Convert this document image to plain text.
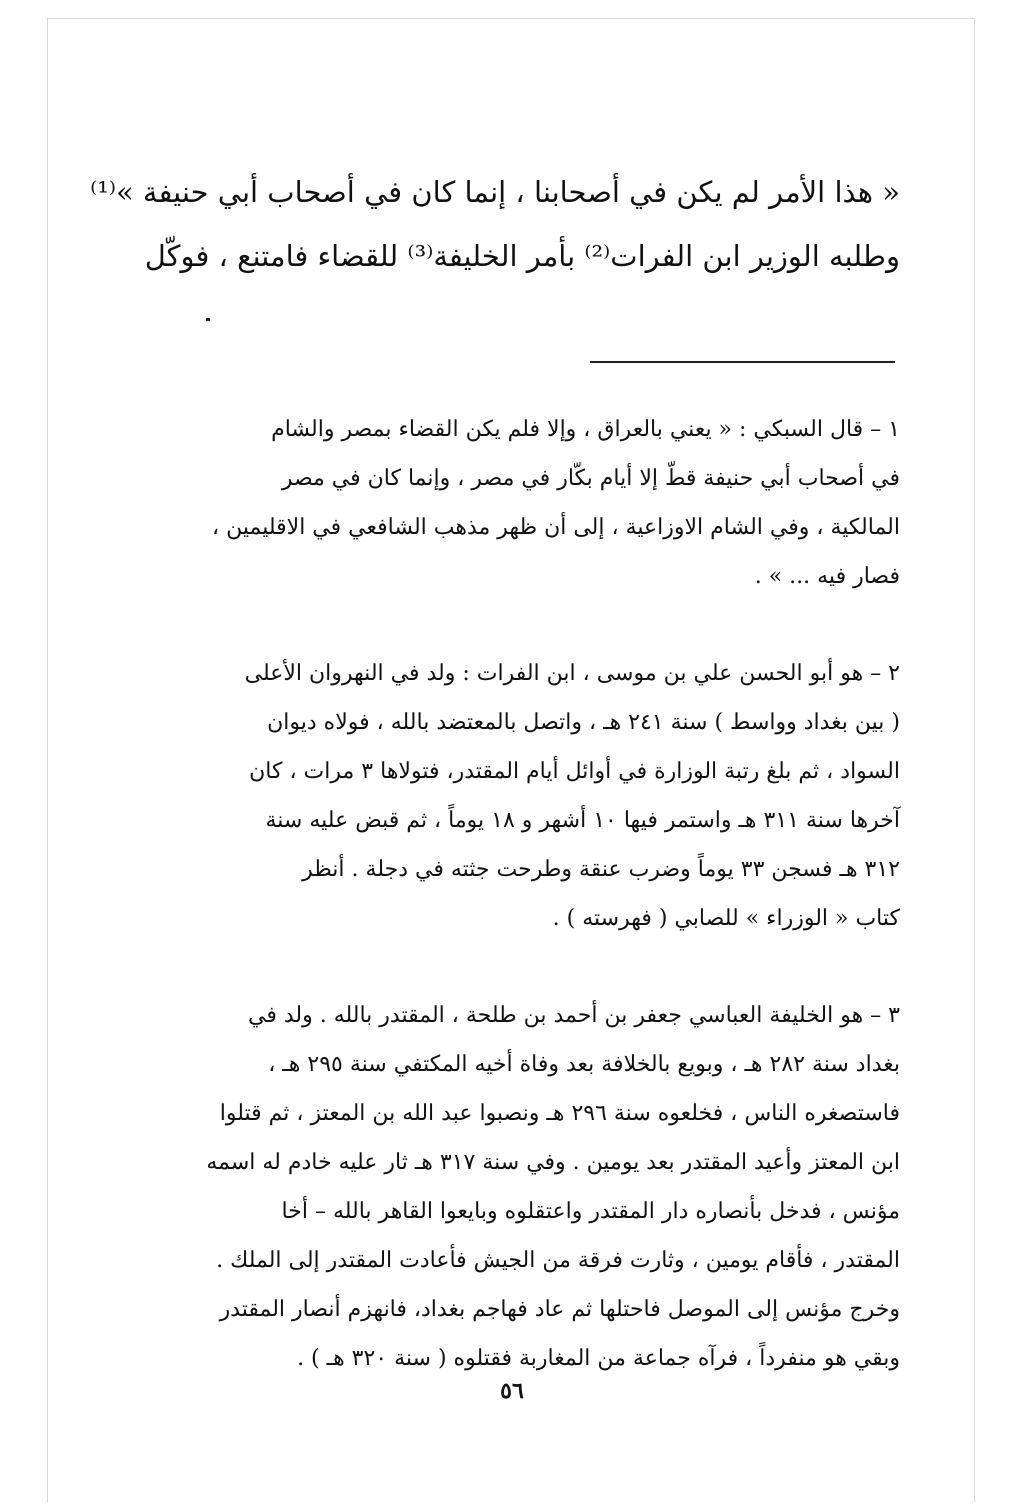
« هذا الأمر لم يكن في أصحابنا ، إنما كان في أصحاب أبي حنيفة »⁽¹⁾
وطلبه الوزير ابن الفرات⁽²⁾ بأمر الخليفة⁽³⁾ للقضاء فامتنع ، فوكّل
١ – قال السبكي : « يعني بالعراق ، وإلا فلم يكن القضاء بمصر والشام
في أصحاب أبي حنيفة قطّ إلا أيام بكّار في مصر ، وإنما كان في مصر
المالكية ، وفي الشام الاوزاعية ، إلى أن ظهر مذهب الشافعي في الاقليمين ،
فصار فيه ... » .
٢ – هو أبو الحسن علي بن موسى ، ابن الفرات : ولد في النهروان الأعلى
( بين بغداد وواسط ) سنة ٢٤١ هـ ، واتصل بالمعتضد بالله ، فولاه ديوان
السواد ، ثم بلغ رتبة الوزارة في أوائل أيام المقتدر، فتولاها ٣ مرات ، كان
آخرها سنة ٣١١ هـ واستمر فيها ١٠ أشهر و ١٨ يوماً ، ثم قبض عليه سنة
٣١٢ هـ فسجن ٣٣ يوماً وضرب عنقة وطرحت جثته في دجلة . أنظر
كتاب « الوزراء » للصابي ( فهرسته ) .
٣ – هو الخليفة العباسي جعفر بن أحمد بن طلحة ، المقتدر بالله . ولد في
بغداد سنة ٢٨٢ هـ ، وبويع بالخلافة بعد وفاة أخيه المكتفي سنة ٢٩٥ هـ ،
فاستصغره الناس ، فخلعوه سنة ٢٩٦ هـ ونصبوا عبد الله بن المعتز ، ثم قتلوا
ابن المعتز وأعيد المقتدر بعد يومين . وفي سنة ٣١٧ هـ ثار عليه خادم له اسمه
مؤنس ، فدخل بأنصاره دار المقتدر واعتقلوه وبايعوا القاهر بالله – أخا
المقتدر ، فأقام يومين ، وثارت فرقة من الجيش فأعادت المقتدر إلى الملك .
وخرج مؤنس إلى الموصل فاحتلها ثم عاد فهاجم بغداد، فانهزم أنصار المقتدر
وبقي هو منفرداً ، فرآه جماعة من المغاربة فقتلوه ( سنة ٣٢٠ هـ ) .
٥٦
